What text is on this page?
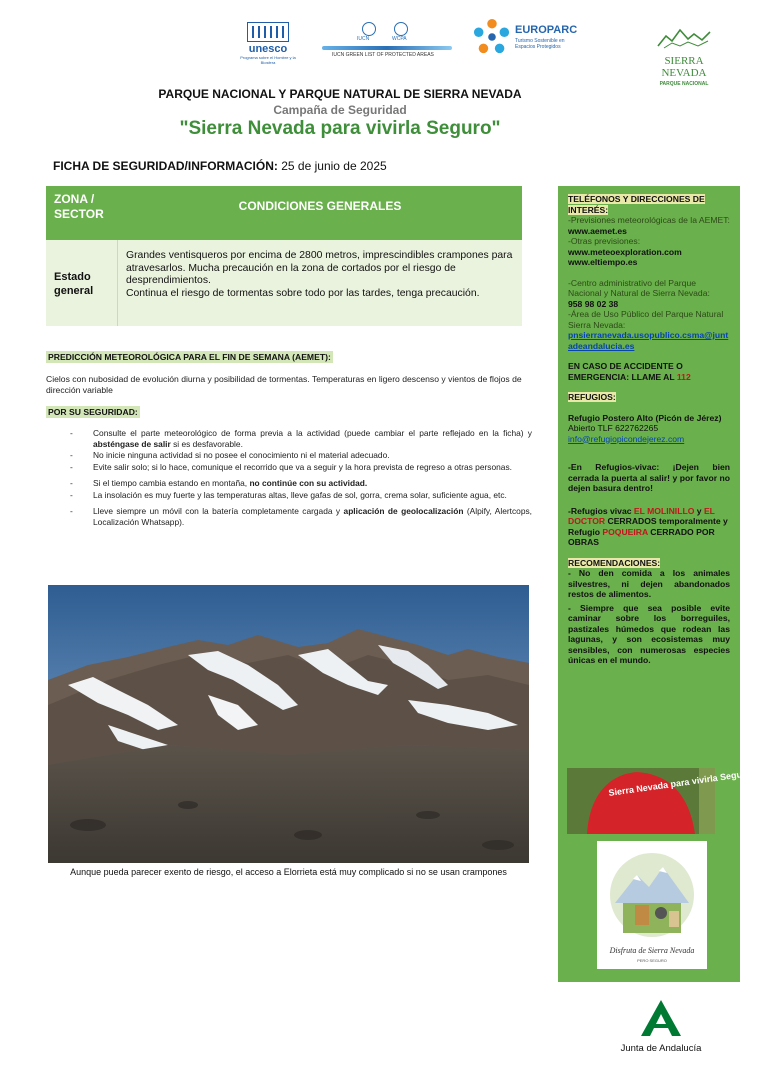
unesco
Programa sobre el Hombre y la Biosfera
IUCN	WCPA
IUCN GREEN LIST OF PROTECTED AREAS
EUROPARC
Turismo Sostenible en Espacios Protegidos
SIERRA
NEVADA
PARQUE NACIONAL
PARQUE NACIONAL Y PARQUE NATURAL DE SIERRA NEVADA
Campaña de Seguridad
"Sierra Nevada para vivirla Seguro"
FICHA DE SEGURIDAD/INFORMACIÓN: 25 de junio de 2025
ZONA / SECTOR
CONDICIONES GENERALES
Estado general

Grandes ventisqueros por encima de 2800 metros, imprescindibles crampones para atravesarlos. Mucha precaución en la zona de cortados por el riesgo de desprendimientos.

Continua el riesgo de tormentas sobre todo por las tardes, tenga precaución.

PREDICCIÓN METEOROLÓGICA PARA EL FIN DE SEMANA (AEMET):
Cielos con nubosidad de evolución diurna y posibilidad de tormentas. Temperaturas en ligero descenso y vientos de flojos de dirección variable
POR SU SEGURIDAD:
- Consulte el parte meteorológico de forma previa a la actividad (puede cambiar el parte reflejado en la ficha) y absténgase de salir si es desfavorable.
- No inicie ninguna actividad si no posee el conocimiento ni el material adecuado.
- Evite salir solo; si lo hace, comunique el recorrido que va a seguir y la hora prevista de regreso a otras personas.
- Si el tiempo cambia estando en montaña, no continúe con su actividad.
- La insolación es muy fuerte y las temperaturas altas, lleve gafas de sol, gorra, crema solar, suficiente agua, etc.
- Lleve siempre un móvil con la batería completamente cargada y aplicación de geolocalización (Alpify, Alertcops, Localización Whatsapp).
Aunque pueda parecer exento de riesgo, el acceso a Elorrieta está muy complicado si no se usan crampones

TELÉFONOS Y DIRECCIONES DE INTERÉS:

-Previsiones meteorológicas de la AEMET: www.aemet.es

-Otras previsiones:

www.meteoexploration.com

www.eltiempo.es

-Centro administrativo del Parque Nacional y Natural de Sierra Nevada:

958 98 02 38

-Área de Uso Público del Parque Natural Sierra Nevada:

pnsierranevada.usopublico.csma@juntadeandalucia.es

EN CASO DE ACCIDENTE O EMERGENCIA: LLAME AL 112

REFUGIOS:

Refugio Postero Alto (Picón de Jérez)

Abierto TLF 622762265

info@refugiopicondejerez.com

-En Refugios-vivac: ¡Dejen bien cerrada la puerta al salir! y por favor no dejen basura dentro!

-Refugios vivac EL MOLINILLO y EL DOCTOR CERRADOS temporalmente y Refugio POQUEIRA CERRADO POR OBRAS

RECOMENDACIONES:

- No den comida a los animales silvestres, ni dejen abandonados restos de alimentos.

- Siempre que sea posible evite caminar sobre los borreguiles, pastizales húmedos que rodean las lagunas, y son ecosistemas muy sensibles, con numerosas especies únicas en el mundo.

Sierra Nevada para vivirla Seguro
Disfruta de Sierra Nevada
PERO SEGURO
Junta de Andalucía
